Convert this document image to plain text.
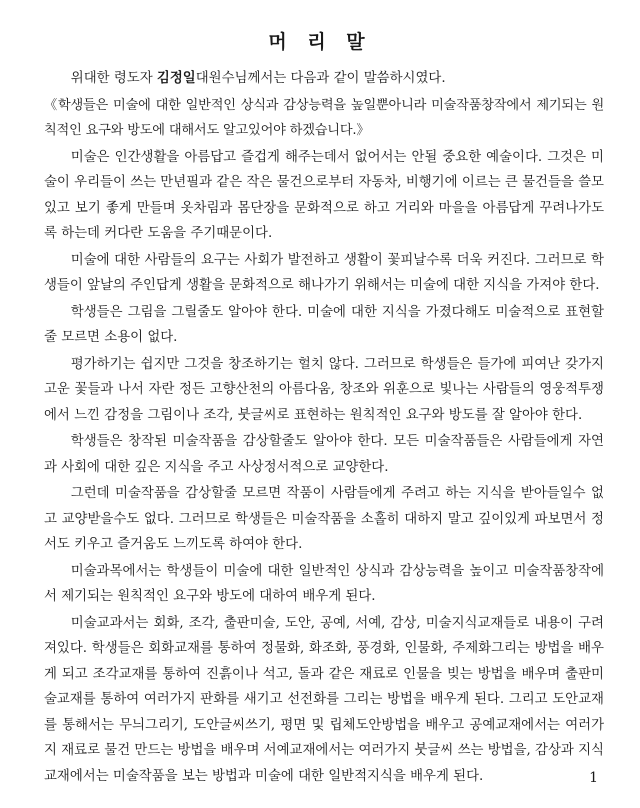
머 리 말

위대한 령도자 김정일대원수님께서는 다음과 같이 말씀하시였다.

《학생들은 미술에 대한 일반적인 상식과 감상능력을 높일뿐아니라 미술작품창작에서 제기되는 원칙적인 요구와 방도에 대해서도 알고있어야 하겠습니다.》

미술은 인간생활을 아름답고 즐겁게 해주는데서 없어서는 안될 중요한 예술이다. 그것은 미술이 우리들이 쓰는 만년필과 같은 작은 물건으로부터 자동차, 비행기에 이르는 큰 물건들을 쓸모있고 보기 좋게 만들며 옷차림과 몸단장을 문화적으로 하고 거리와 마을을 아름답게 꾸려나가도록 하는데 커다란 도움을 주기때문이다.

미술에 대한 사람들의 요구는 사회가 발전하고 생활이 꽃피날수록 더욱 커진다. 그러므로 학생들이 앞날의 주인답게 생활을 문화적으로 해나가기 위해서는 미술에 대한 지식을 가져야 한다.

학생들은 그림을 그릴줄도 알아야 한다. 미술에 대한 지식을 가졌다해도 미술적으로 표현할줄 모르면 소용이 없다.

평가하기는 쉽지만 그것을 창조하기는 헐치 않다. 그러므로 학생들은 들가에 피여난 갖가지 고운 꽃들과 나서 자란 정든 고향산천의 아름다움, 창조와 위훈으로 빛나는 사람들의 영웅적투쟁에서 느낀 감정을 그림이나 조각, 붓글씨로 표현하는 원칙적인 요구와 방도를 잘 알아야 한다.

학생들은 창작된 미술작품을 감상할줄도 알아야 한다. 모든 미술작품들은 사람들에게 자연과 사회에 대한 깊은 지식을 주고 사상정서적으로 교양한다.

그런데 미술작품을 감상할줄 모르면 작품이 사람들에게 주려고 하는 지식을 받아들일수 없고 교양받을수도 없다. 그러므로 학생들은 미술작품을 소홀히 대하지 말고 깊이있게 파보면서 정서도 키우고 즐거움도 느끼도록 하여야 한다.

미술과목에서는 학생들이 미술에 대한 일반적인 상식과 감상능력을 높이고 미술작품창작에서 제기되는 원칙적인 요구와 방도에 대하여 배우게 된다.

미술교과서는 회화, 조각, 출판미술, 도안, 공예, 서예, 감상, 미술지식교재들로 내용이 구려져있다. 학생들은 회화교재를 통하여 정물화, 화조화, 풍경화, 인물화, 주제화그리는 방법을 배우게 되고 조각교재를 통하여 진흙이나 석고, 돌과 같은 재료로 인물을 빚는 방법을 배우며 출판미술교재를 통하여 여러가지 판화를 새기고 선전화를 그리는 방법을 배우게 된다. 그리고 도안교재를 통해서는 무늬그리기, 도안글씨쓰기, 평면 및 립체도안방법을 배우고 공예교재에서는 여러가지 재료로 물건 만드는 방법을 배우며 서예교재에서는 여러가지 붓글씨 쓰는 방법을, 감상과 지식교재에서는 미술작품을 보는 방법과 미술에 대한 일반적지식을 배우게 된다.	1
